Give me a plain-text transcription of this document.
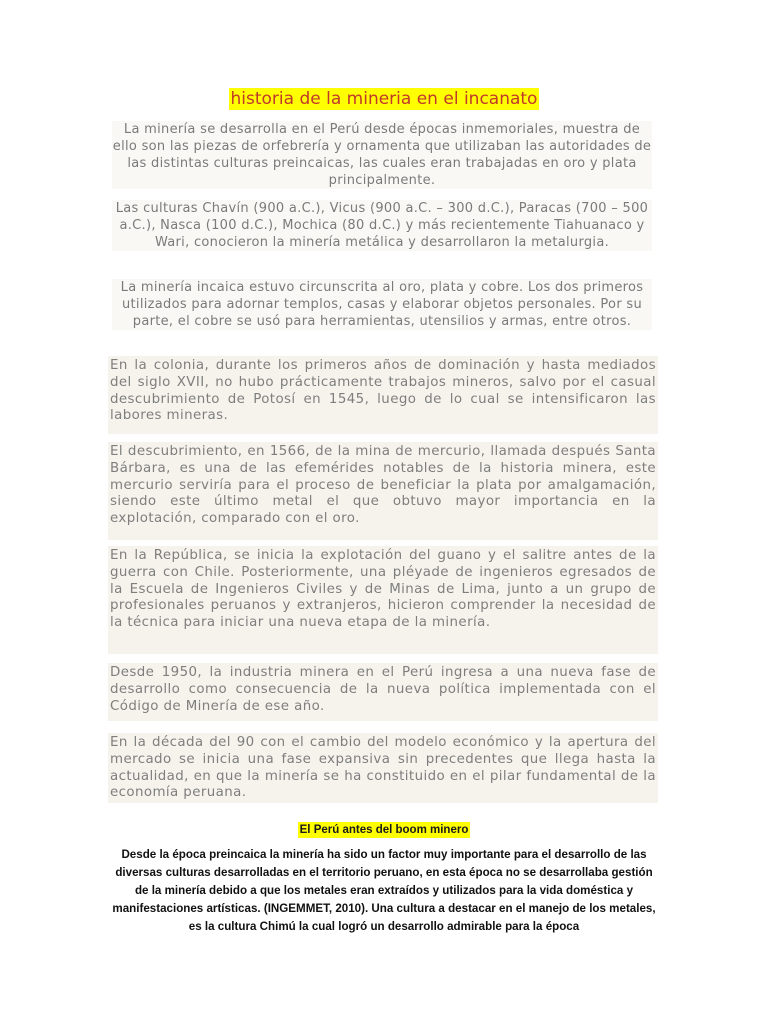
historia de la mineria en el incanato
La minería se desarrolla en el Perú desde épocas inmemoriales, muestra de ello son las piezas de orfebrería y ornamenta que utilizaban las autoridades de las distintas culturas preincaicas, las cuales eran trabajadas en oro y plata principalmente.
Las culturas Chavín (900 a.C.), Vicus (900 a.C. – 300 d.C.), Paracas (700 – 500 a.C.), Nasca (100 d.C.), Mochica (80 d.C.) y más recientemente Tiahuanaco y Wari, conocieron la minería metálica y desarrollaron la metalurgia.
La minería incaica estuvo circunscrita al oro, plata y cobre. Los dos primeros utilizados para adornar templos, casas y elaborar objetos personales. Por su parte, el cobre se usó para herramientas, utensilios y armas, entre otros.
En la colonia, durante los primeros años de dominación y hasta mediados del siglo XVII, no hubo prácticamente trabajos mineros, salvo por el casual descubrimiento de Potosí en 1545, luego de lo cual se intensificaron las labores mineras.
El descubrimiento, en 1566, de la mina de mercurio, llamada después Santa Bárbara, es una de las efemérides notables de la historia minera, este mercurio serviría para el proceso de beneficiar la plata por amalgamación, siendo este último metal el que obtuvo mayor importancia en la explotación, comparado con el oro.
En la República, se inicia la explotación del guano y el salitre antes de la guerra con Chile. Posteriormente, una pléyade de ingenieros egresados de la Escuela de Ingenieros Civiles y de Minas de Lima, junto a un grupo de profesionales peruanos y extranjeros, hicieron comprender la necesidad de la técnica para iniciar una nueva etapa de la minería.
Desde 1950, la industria minera en el Perú ingresa a una nueva fase de desarrollo como consecuencia de la nueva política implementada con el Código de Minería de ese año.
En la década del 90 con el cambio del modelo económico y la apertura del mercado se inicia una fase expansiva sin precedentes que llega hasta la actualidad, en que la minería se ha constituido en el pilar fundamental de la economía peruana.
El Perú antes del boom minero
Desde la época preincaica la minería ha sido un factor muy importante para el desarrollo de las diversas culturas desarrolladas en el territorio peruano, en esta época no se desarrollaba gestión de la minería debido a que los metales eran extraídos y utilizados para la vida doméstica y manifestaciones artísticas. (INGEMMET, 2010). Una cultura a destacar en el manejo de los metales, es la cultura Chimú la cual logró un desarrollo admirable para la época
